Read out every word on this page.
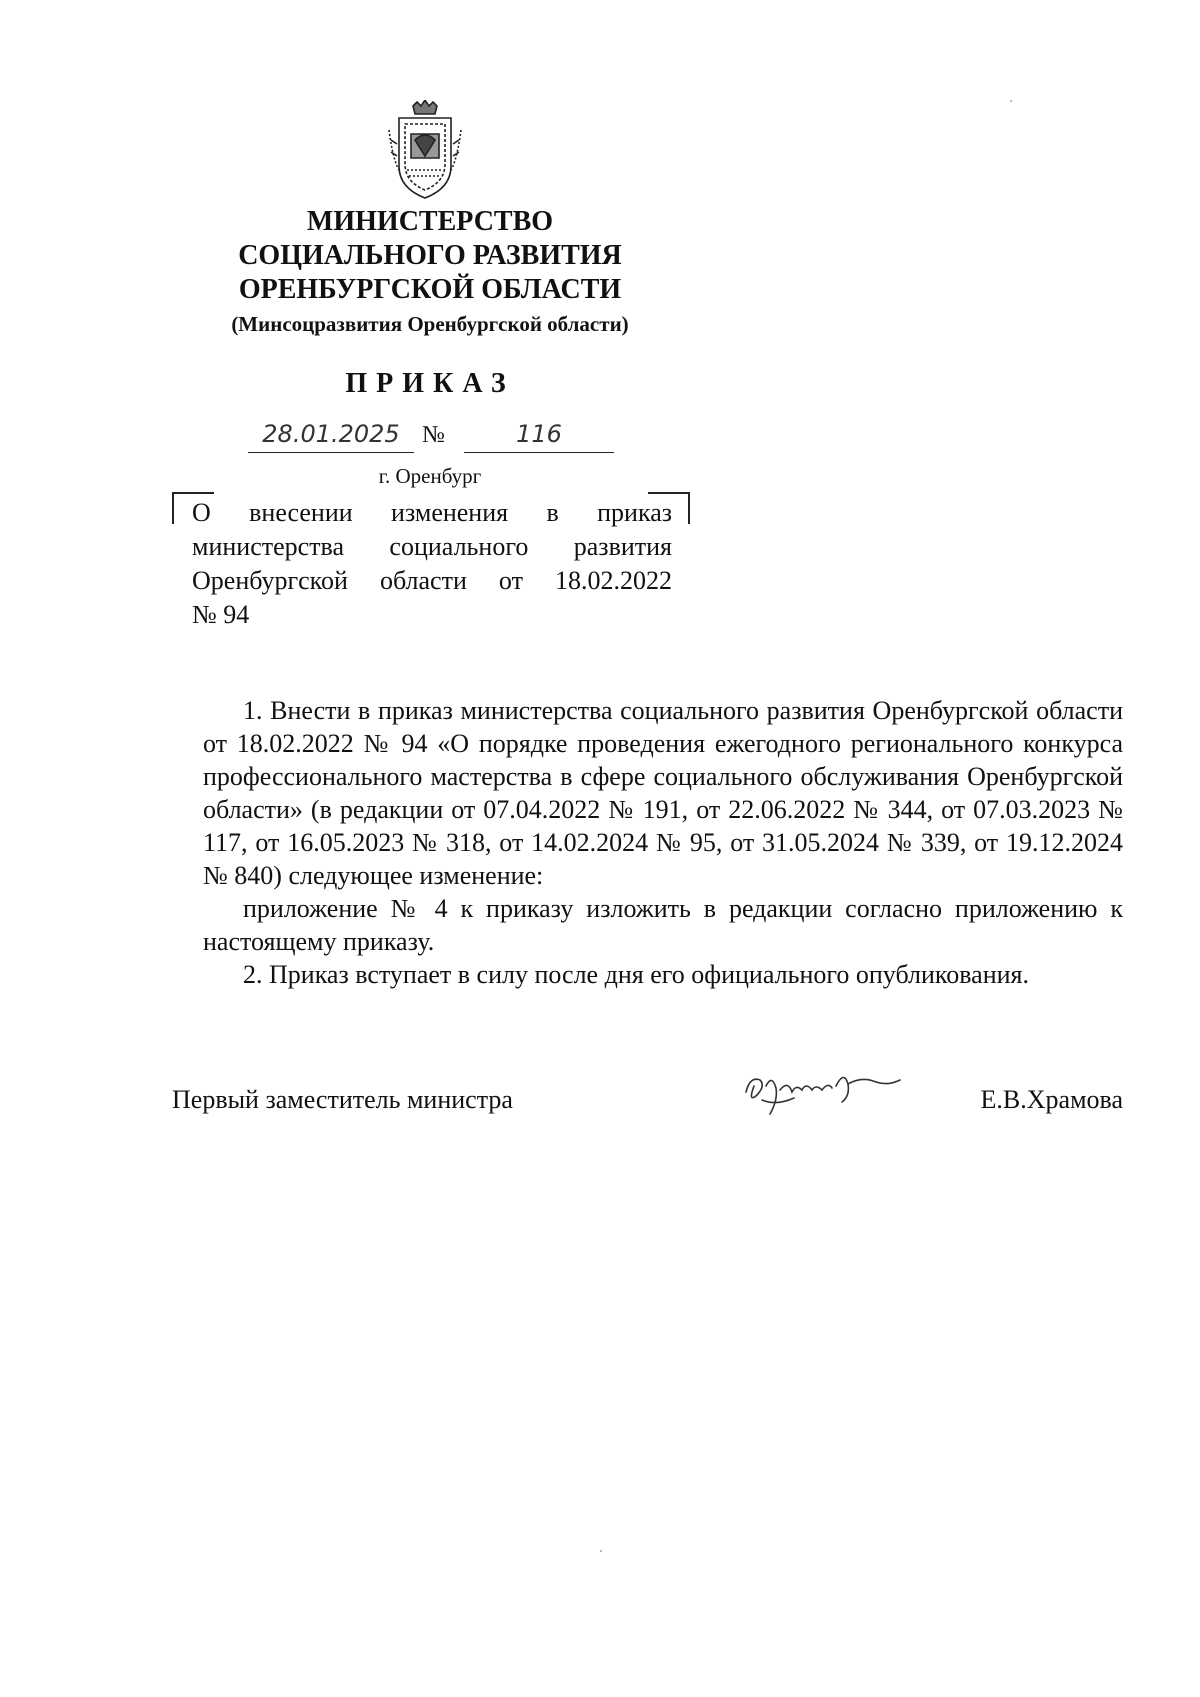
МИНИСТЕРСТВО
СОЦИАЛЬНОГО РАЗВИТИЯ
ОРЕНБУРГСКОЙ ОБЛАСТИ
(Минсоцразвития Оренбургской области)
ПРИКАЗ
28.01.2025 №	116
г. Оренбург
О внесении изменения в приказ министерства социального развития Оренбургской области от 18.02.2022
№ 94

1. Внести в приказ министерства социального развития Оренбургской области от 18.02.2022 № 94 «О порядке проведения ежегодного регионального конкурса профессионального мастерства в сфере социального обслуживания Оренбургской области» (в редакции от 07.04.2022 № 191, от 22.06.2022 № 344, от 07.03.2023 № 117, от 16.05.2023 № 318, от 14.02.2024 № 95, от 31.05.2024 № 339, от 19.12.2024 № 840) следующее изменение:

приложение № 4 к приказу изложить в редакции согласно приложению к настоящему приказу.

2. Приказ вступает в силу после дня его официального опубликования.

Первый заместитель министра	Е.В.Храмова
